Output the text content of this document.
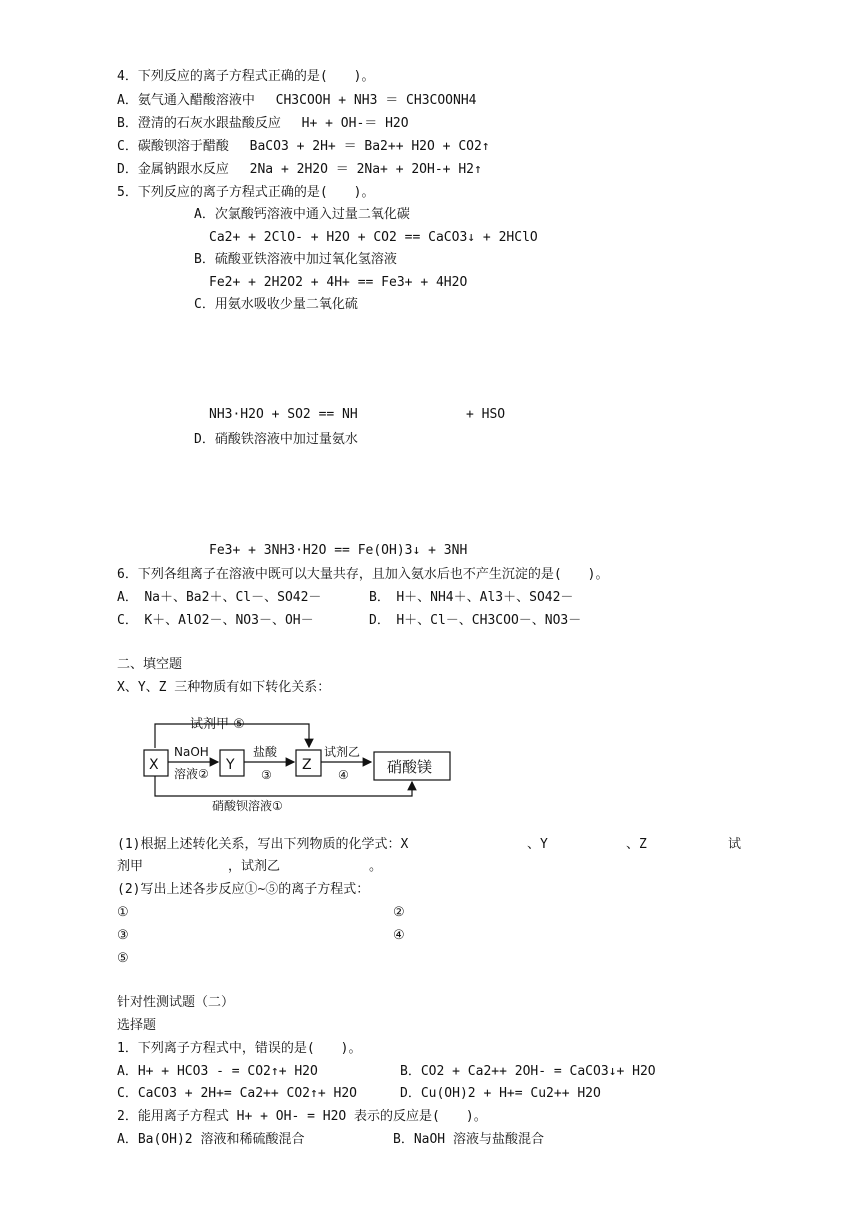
4．下列反应的离子方程式正确的是(　　)。
A．氨气通入醋酸溶液中　 CH3COOH + NH3 ＝ CH3COONH4
B．澄清的石灰水跟盐酸反应　 H+ + OH-＝ H2O
C．碳酸钡溶于醋酸　 BaCO3 + 2H+ ＝ Ba2++ H2O + CO2↑
D．金属钠跟水反应　 2Na + 2H2O ＝ 2Na+ + 2OH-+ H2↑
5．下列反应的离子方程式正确的是(　　)。
A．次氯酸钙溶液中通入过量二氧化碳
Ca2+ + 2ClO- + H2O + CO2 == CaCO3↓ + 2HClO
B．硫酸亚铁溶液中加过氧化氢溶液
Fe2+ + 2H2O2 + 4H+ == Fe3+ + 4H2O
C．用氨水吸收少量二氧化硫
NH3·H2O + SO2 == NH	+ HSO
D．硝酸铁溶液中加过量氨水
Fe3+ + 3NH3·H2O == Fe(OH)3↓ + 3NH
6．下列各组离子在溶液中既可以大量共存，且加入氨水后也不产生沉淀的是(　　)。
A．　Na＋、Ba2＋、Cl－、SO42－	B．　H＋、NH4＋、Al3＋、SO42－
C．　K＋、AlO2－、NO3－、OH－	D．　H＋、Cl－、CH3COO－、NO3－
二、填空题
X、Y、Z 三种物质有如下转化关系：
试剂甲 ⑤
X
NaOH
溶液②
Y
盐酸
③
Z
试剂乙
④	硝酸镁
硝酸钡溶液①
(1)根据上述转化关系，写出下列物质的化学式：X	、Y	、Z	试
剂甲	，试剂乙	。
(2)写出上述各步反应①~⑤的离子方程式：
①	②
③	④
⑤
针对性测试题（二）
选择题
1．下列离子方程式中，错误的是(　　)。
A．H+ + HCO3 - = CO2↑+ H2O	B．CO2 + Ca2++ 2OH- = CaCO3↓+ H2O
C．CaCO3 + 2H+= Ca2++ CO2↑+ H2O	D．Cu(OH)2 + H+= Cu2++ H2O
2．能用离子方程式 H+ + OH- = H2O 表示的反应是(　　)。
A．Ba(OH)2 溶液和稀硫酸混合	B．NaOH 溶液与盐酸混合
